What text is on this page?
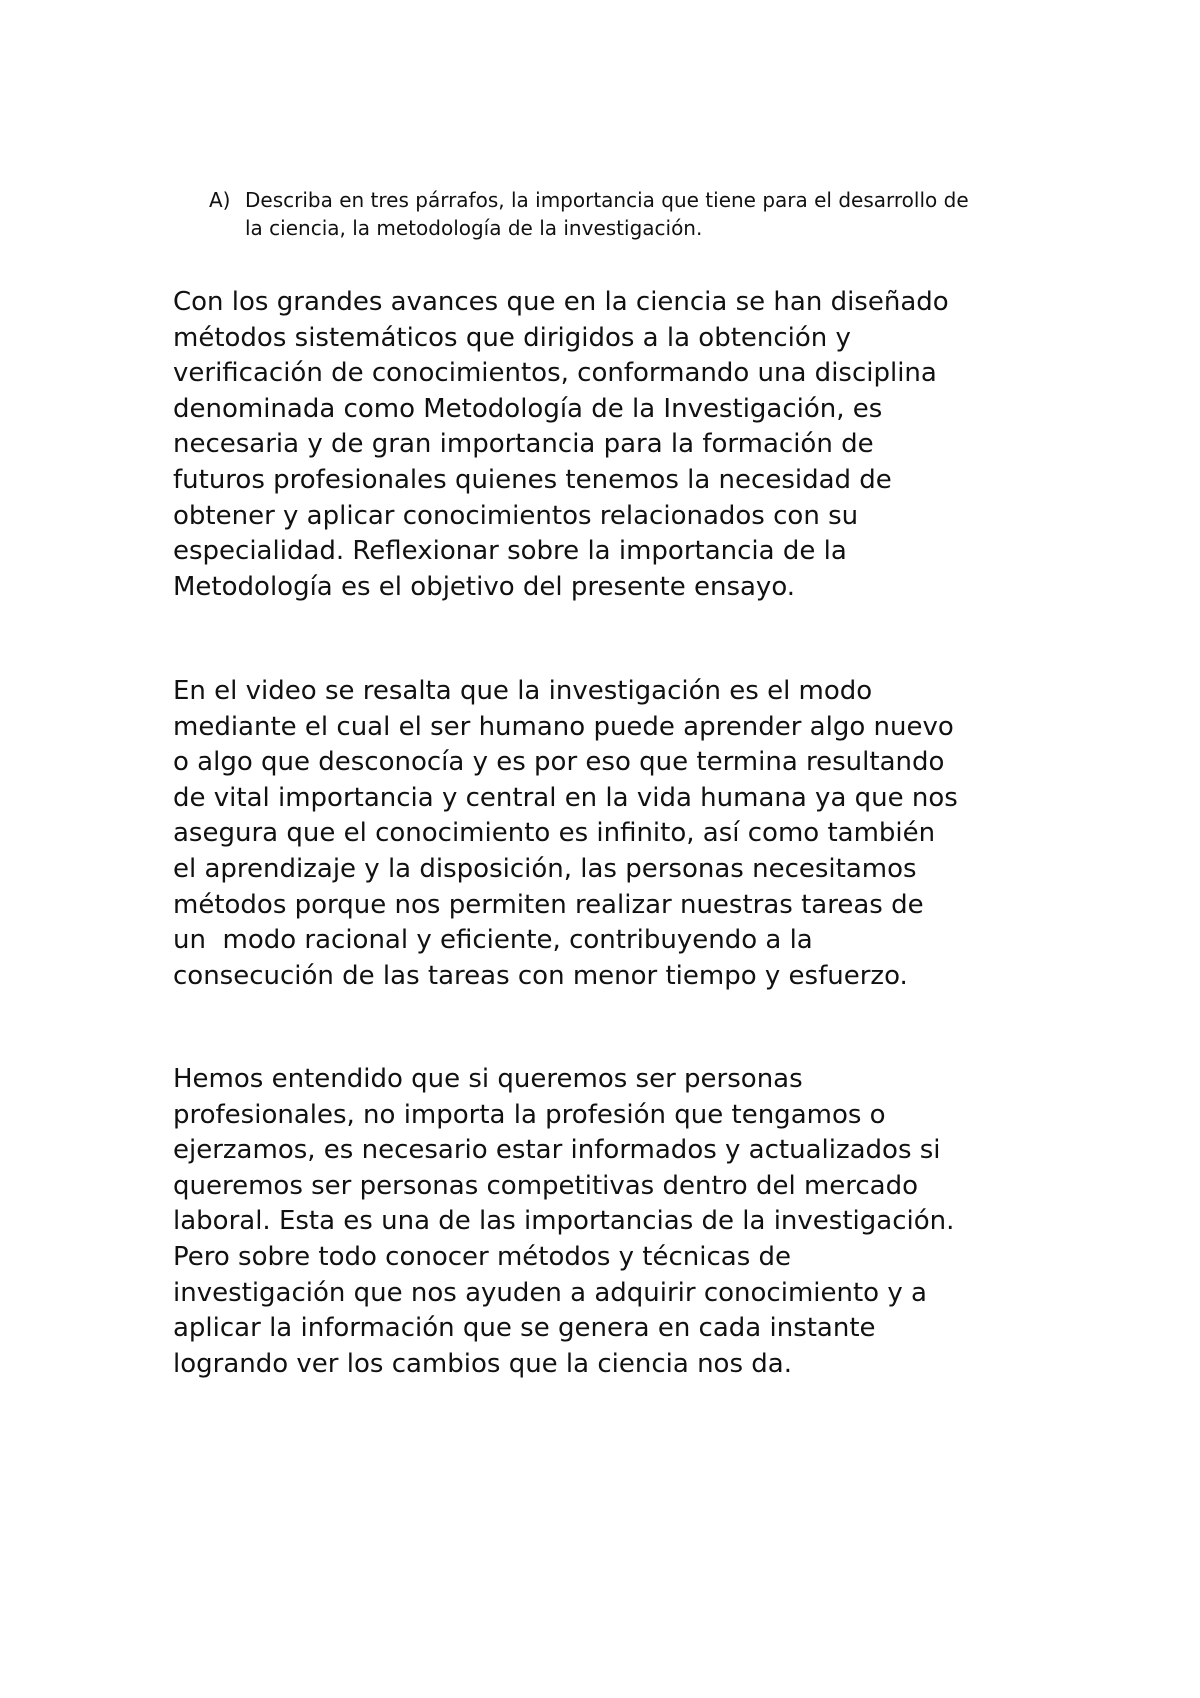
A) Describa en tres párrafos, la importancia que tiene para el desarrollo de la ciencia, la metodología de la investigación.

Con los grandes avances que en la ciencia se han diseñado
métodos sistemáticos que dirigidos a la obtención y
verificación de conocimientos, conformando una disciplina
denominada como Metodología de la Investigación, es
necesaria y de gran importancia para la formación de
futuros profesionales quienes tenemos la necesidad de
obtener y aplicar conocimientos relacionados con su
especialidad. Reflexionar sobre la importancia de la
Metodología es el objetivo del presente ensayo.

En el video se resalta que la investigación es el modo
mediante el cual el ser humano puede aprender algo nuevo
o algo que desconocía y es por eso que termina resultando
de vital importancia y central en la vida humana ya que nos
asegura que el conocimiento es infinito, así como también
el aprendizaje y la disposición, las personas necesitamos
métodos porque nos permiten realizar nuestras tareas de
un  modo racional y eficiente, contribuyendo a la
consecución de las tareas con menor tiempo y esfuerzo.

Hemos entendido que si queremos ser personas
profesionales, no importa la profesión que tengamos o
ejerzamos, es necesario estar informados y actualizados si
queremos ser personas competitivas dentro del mercado
laboral. Esta es una de las importancias de la investigación.
Pero sobre todo conocer métodos y técnicas de
investigación que nos ayuden a adquirir conocimiento y a
aplicar la información que se genera en cada instante
logrando ver los cambios que la ciencia nos da.
